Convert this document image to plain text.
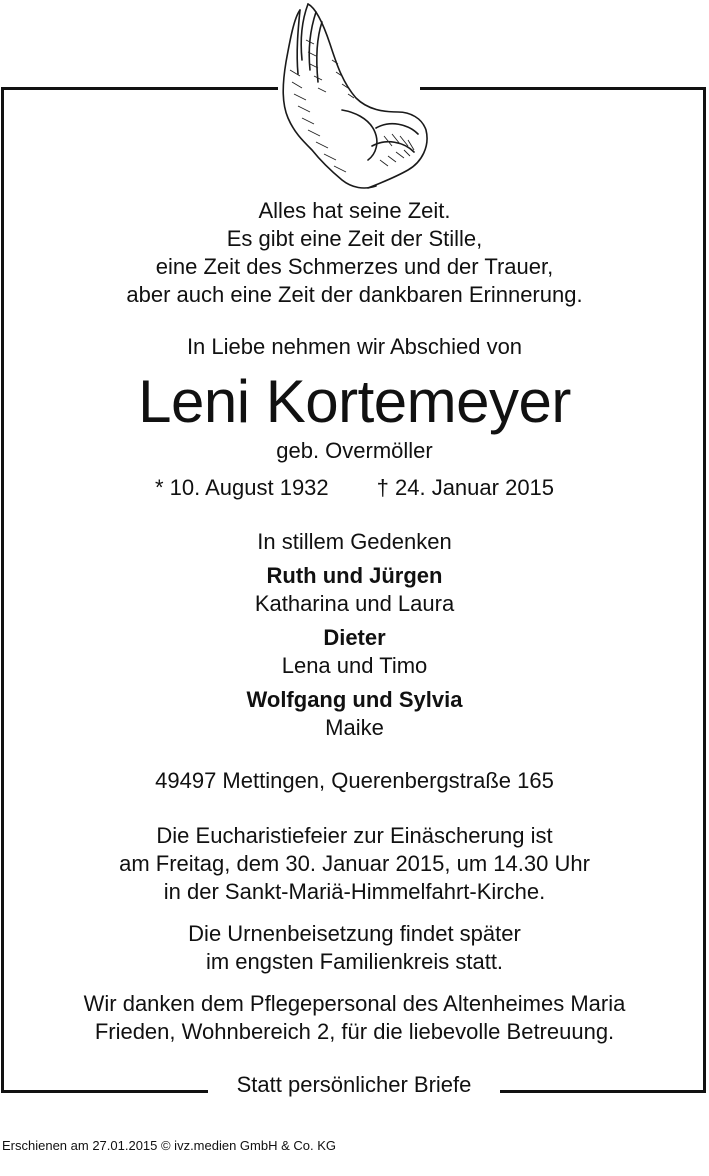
Alles hat seine Zeit.
Es gibt eine Zeit der Stille,
eine Zeit des Schmerzes und der Trauer,
aber auch eine Zeit der dankbaren Erinnerung.
In Liebe nehmen wir Abschied von
Leni Kortemeyer
geb. Overmöller
* 10. August 1932 † 24. Januar 2015
In stillem Gedenken
Ruth und Jürgen
Katharina und Laura
Dieter
Lena und Timo
Wolfgang und Sylvia
Maike
49497 Mettingen, Querenbergstraße 165
Die Eucharistiefeier zur Einäscherung ist
am Freitag, dem 30. Januar 2015, um 14.30 Uhr
in der Sankt-Mariä-Himmelfahrt-Kirche.
Die Urnenbeisetzung findet später
im engsten Familienkreis statt.
Wir danken dem Pflegepersonal des Altenheimes Maria
Frieden, Wohnbereich 2, für die liebevolle Betreuung.
Statt persönlicher Briefe
Erschienen am 27.01.2015 © ivz.medien GmbH & Co. KG
